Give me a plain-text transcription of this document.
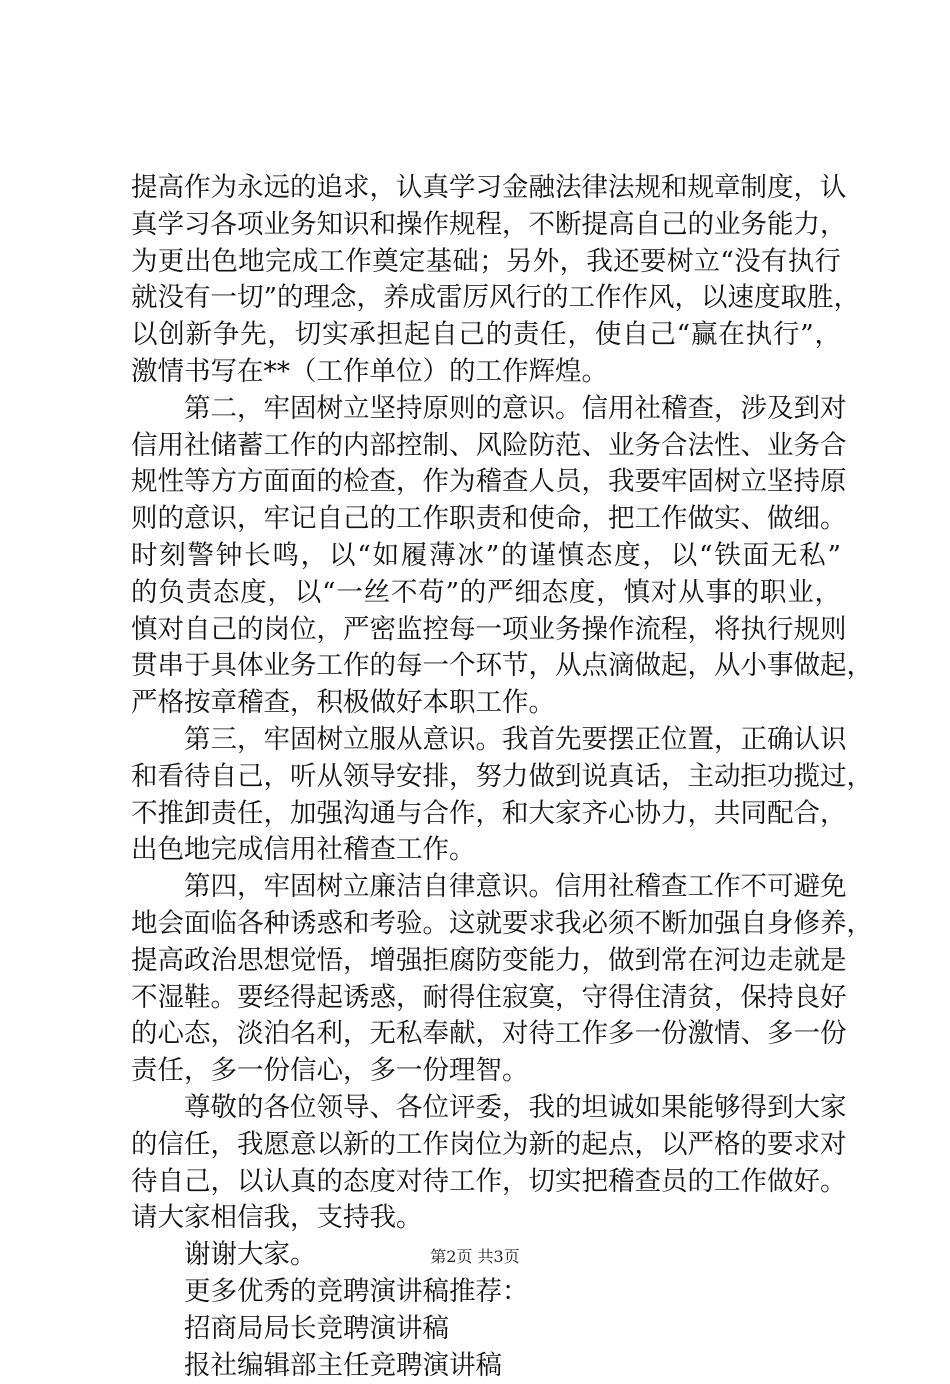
提高作为永远的追求，认真学习金融法律法规和规章制度，认
真学习各项业务知识和操作规程，不断提高自己的业务能力，
为更出色地完成工作奠定基础；另外，我还要树立“没有执行
就没有一切”的理念，养成雷厉风行的工作作风，以速度取胜，
以创新争先，切实承担起自己的责任，使自己“赢在执行”，
激情书写在**（工作单位）的工作辉煌。
第二，牢固树立坚持原则的意识。信用社稽查，涉及到对
信用社储蓄工作的内部控制、风险防范、业务合法性、业务合
规性等方方面面的检查，作为稽查人员，我要牢固树立坚持原
则的意识，牢记自己的工作职责和使命，把工作做实、做细。
时刻警钟长鸣，以“如履薄冰”的谨慎态度，以“铁面无私”
的负责态度，以“一丝不苟”的严细态度，慎对从事的职业，
慎对自己的岗位，严密监控每一项业务操作流程，将执行规则
贯串于具体业务工作的每一个环节，从点滴做起，从小事做起，
严格按章稽查，积极做好本职工作。
第三，牢固树立服从意识。我首先要摆正位置，正确认识
和看待自己，听从领导安排，努力做到说真话，主动拒功揽过，
不推卸责任，加强沟通与合作，和大家齐心协力，共同配合，
出色地完成信用社稽查工作。
第四，牢固树立廉洁自律意识。信用社稽查工作不可避免
地会面临各种诱惑和考验。这就要求我必须不断加强自身修养，
提高政治思想觉悟，增强拒腐防变能力，做到常在河边走就是
不湿鞋。要经得起诱惑，耐得住寂寞，守得住清贫，保持良好
的心态，淡泊名利，无私奉献，对待工作多一份激情、多一份
责任，多一份信心，多一份理智。
尊敬的各位领导、各位评委，我的坦诚如果能够得到大家
的信任，我愿意以新的工作岗位为新的起点，以严格的要求对
待自己，以认真的态度对待工作，切实把稽查员的工作做好。
请大家相信我，支持我。
谢谢大家。
更多优秀的竞聘演讲稿推荐：
招商局局长竞聘演讲稿
报社编辑部主任竞聘演讲稿
第2页 共3页
